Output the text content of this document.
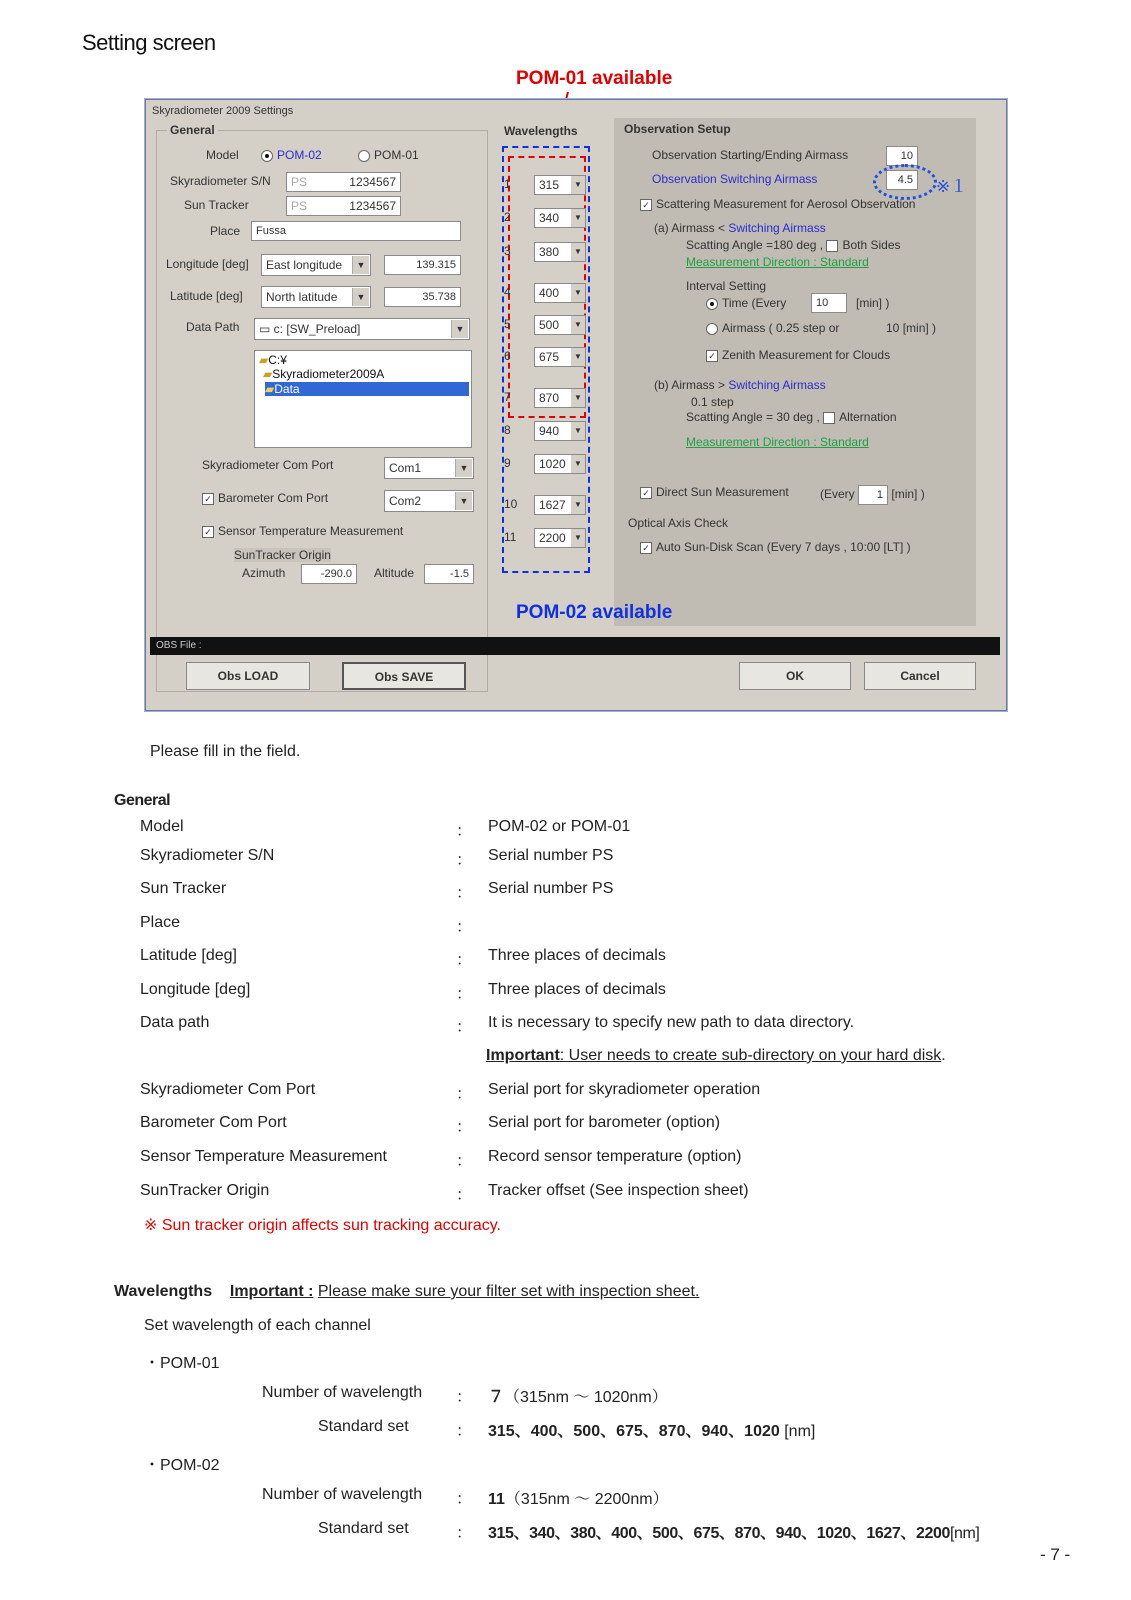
Setting screen
POM-01 available
Skyradiometer 2009 Settings
General
Model	POM-02	POM-01
Skyradiometer S/N	PS	1234567
Sun Tracker	PS	1234567
Place	Fussa
Longitude [deg]	East longitude	▼	139.315
Latitude [deg]	North latitude	▼	35.738
Data Path	▭ c: [SW_Preload]	▼
▰C:¥
▰Skyradiometer2009A
▰Data
Skyradiometer Com Port	Com1	▼
✓ Barometer Com Port	Com2	▼
✓ Sensor Temperature Measurement
SunTracker Origin
Azimuth	-290.0	Altitude	-1.5
Wavelengths
1	315	▼
2	340	▼
3	380	▼
4	400	▼
5	500	▼
6	675	▼
7	870	▼
8	940	▼
9	1020	▼
10	1627	▼
11	2200	▼
Observation Setup
Observation Starting/Ending Airmass	10
Observation Switching Airmass	4.5 ※１
✓ Scattering Measurement for Aerosol Observation
(a) Airmass < Switching Airmass
Scatting Angle =180 deg , Both Sides
Measurement Direction : Standard
Interval Setting
Time (Every	10	[min] )
Airmass ( 0.25 step or	10 [min] )
✓ Zenith Measurement for Clouds
(b) Airmass > Switching Airmass
0.1 step
Scatting Angle = 30 deg , Alternation
Measurement Direction : Standard
✓ Direct Sun Measurement	(Every 1 [min] )
Optical Axis Check
✓ Auto Sun-Disk Scan (Every 7 days , 10:00 [LT] )
OBS File :
Obs LOAD	Obs SAVE	OK	Cancel
POM-02 available
Please fill in the field.
General
Model	： POM-02 or POM-01
Skyradiometer S/N	： Serial number PS
Sun Tracker	： Serial number PS
Place	：
Latitude [deg]	： Three places of decimals
Longitude [deg]	： Three places of decimals
Data path	： It is necessary to specify new path to data directory.
Important: User needs to create sub-directory on your hard disk.
Skyradiometer Com Port	： Serial port for skyradiometer operation
Barometer Com Port	： Serial port for barometer (option)
Sensor Temperature Measurement	： Record sensor temperature (option)
SunTracker Origin	： Tracker offset (See inspection sheet)
※ Sun tracker origin affects sun tracking accuracy.
Wavelengths Important : Please make sure your filter set with inspection sheet.
Set wavelength of each channel
・POM-01
Number of wavelength ： ７（315nm ～ 1020nm）
Standard set	： 315、400、500、675、870、940、1020 [nm]
・POM-02
Number of wavelength ： 11（315nm ～ 2200nm）
Standard set	： 315、340、380、400、500、675、870、940、1020、1627、2200[nm]
- 7 -
